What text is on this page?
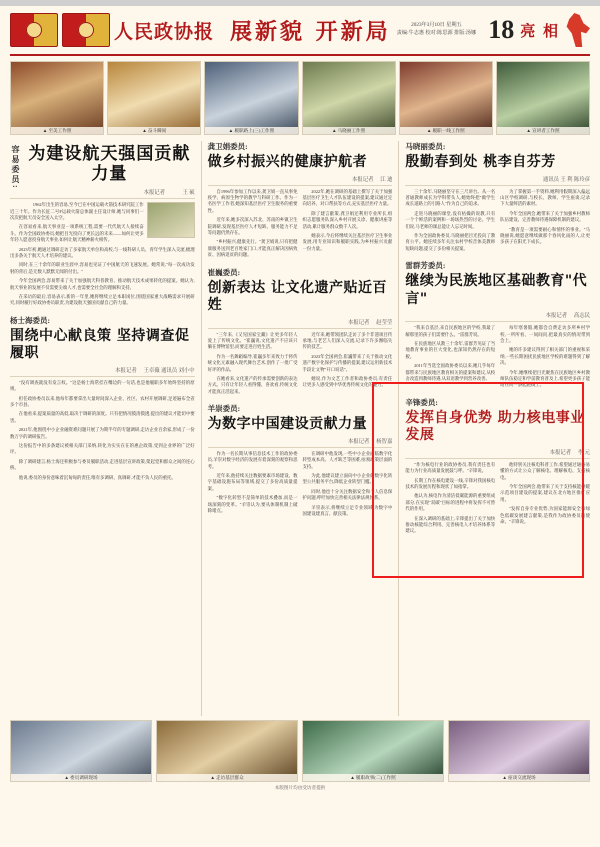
人民政协报 展新貌 开新局	2023年3月10日 星期五
责编:牛志惠 校对:陈思源 排版:汤娜 18 亮 相
▲ 至美工作照	▲ 奋斗瞬间	▲ 履职路上(三)工作照	▲ 马晓丽工作照	▲ 履职一线工作照	▲ 宣讲者工作照
容易委员: 为建设航天强国贡献力量
本报记者 　　　王 硕

1962年出生的容易,至今已在中国运载火箭技术研究院工作近三十年。作为长征二号F运载火箭总体副主任设计师,她与同事们一次次把航天员安全送入太空。

在容易看来,航天事业是一项系统工程,需要一代代航天人接续奋斗。作为全国政协委员,她把目光投向了更长远的未来——如何让更多年轻人愿意投身航天事业,如何让航天精神薪火相传。

2023年初,她通过调研走访了多家航天单位和高校,与一线科研人员、青年学生深入交流,梳理出多条关于航天人才培养的建议。

同时,在三十余年的职业生涯中,容易也见证了中国航天的飞速发展。她常说,"每一次成功发射的背后,是无数人默默无闻的付出。"

今年全国两会,容易带来了关于加强航天科普教育、推动航天技术成果转化的提案。她认为,航天事业的发展不仅需要尖端人才,也需要全社会的理解和支持。

在采访的最后,容易表示,新的一年里,她将继续立足本职岗位,围绕国家重大战略需求开展研究,同时履行好政协委员职责,为建设航天强国贡献自己的力量。

杨士海委员:
围绕中心献良策 坚持调查促履职
本报记者 　王卓薇 通讯员 刘小中

"没有调查就没有发言权。"这是杨士海常挂在嘴边的一句话,也是他履职多年始终坚持的原则。

担任政协委员以来,他每年都要拿出大量时间深入企业、社区、农村开展调研,足迹遍布全省多个市县。

在他看来,提案质量的高低,取决于调研的深度。只有把情况摸清摸透,提出的建议才能切中要害。

2021年,他围绕中小企业融资难问题开展了为期半年的专题调研,走访企业百余家,形成了一份数万字的调研报告。

这份报告中的多条建议被相关部门采纳,转化为实实在在的惠企政策,受到企业界的广泛好评。

除了调研建言,杨士海还积极参与委员履职活动,走进基层宣讲政策,架起党和群众之间的连心桥。

他说,委员的身份意味着沉甸甸的责任,唯有多调研、真调研,才能不负人民的重托。

龚卫娟委员:
做乡村振兴的健康护航者
本报记者 　江 迪

自1996年参加工作以来,龚卫娟一直从事免疫学、病原生物学的教学与科研工作。作为一名医学工作者,她深知基层医疗卫生服务的重要性。

近年来,她多次深入苏北、苏南的乡镇卫生院调研,发现基层医疗人才短缺、服务能力不足等问题仍然存在。

"乡村振兴,健康先行。"龚卫娟说,只有把健康服务送到老百姓家门口,才能真正解决因病致贫、因病返贫的问题。

2022年,她在调研的基础上撰写了关于加强基层医疗卫生人才队伍建设的提案,建议通过定向培养、对口帮扶等方式,充实基层医疗力量。

除了建言献策,龚卫娟还利用专业所长,组织志愿服务队深入乡村开展义诊、健康讲座等活动,累计服务群众数千人次。

她表示,今后将继续关注基层医疗卫生事业发展,用专业知识和履职实践,为乡村振兴贡献一份力量。

崔巍委员:
创新表达 让文化遗产贴近百姓
本报记者 　赵莹莹

"三年来,《又见国家宝藏》让更多年轻人爱上了传统文化。"崔巍说,文化遗产不应该只躺在博物馆里,而要走进百姓生活。

作为一名舞蹈编导,崔巍多年来致力于将传统文化元素融入现代舞台艺术,创作了一批广受好评的作品。

在她看来,文化遗产的传承需要创新的表达方式。只有让年轻人看得懂、喜欢看,传统文化才能真正活起来。

近年来,她带领团队走访了多个非遗项目传承地,与老艺人们深入交流,记录下许多濒临失传的技艺。

2023年全国两会,崔巍带来了关于推动文化遗产数字化保护与传播的提案,建议运用新技术手段让文物"开口说话"。

她说,作为文艺工作者和政协委员,有责任让更多人感受到中华优秀传统文化的魅力。

羊崇委员:
为数字中国建设贡献力量
本报记者 　杨智嘉

作为一名长期从事信息技术工作的政协委员,羊崇对数字经济的发展有着深刻的观察和思考。

近年来,他持续关注数据要素市场建设、数字基础设施布局等领域,提交了多份高质量提案。

"数字化转型不是简单的技术叠加,而是一场深刻的变革。"羊崇认为,要从体制机制上破除堵点。

在调研中他发现,一些中小企业面临数字化转型成本高、人才缺乏等困难,亟须政策层面的支持。

为此,他建议建立面向中小企业的数字化转型公共服务平台,降低企业转型门槛。

同时,他也十分关注数据安全和个人信息保护问题,呼吁加快完善相关法律法规体系。

羊崇表示,将继续立足专业领域,为数字中国建设建真言、献良策。

马晓丽委员:
殷勤春到处 桃李自芬芳
通讯员 王 利 陈玲彦

三十余年,马晓丽坚守在三尺讲台。从一名普通教师成长为学科带头人,她始终把"做学生成长道路上的引路人"作为自己的追求。

走进马晓丽的课堂,没有枯燥的说教,只有一个个鲜活的案例和一场场热烈的讨论。学生们说,马老师的课总能让人忘记时间。

作为全国政协委员,马晓丽把目光投向了教育公平。她连续多年关注农村学校音体美教师短缺问题,提交了多份相关提案。

为了掌握第一手资料,她利用假期深入偏远山区学校调研,与校长、教师、学生座谈,记录下大量鲜活的素材。

今年全国两会,她带来了关于加强乡村教师队伍建设、完善教师待遇保障机制的建议。

"教育是一项需要耐心和情怀的事业。"马晓丽说,她愿意继续做那个春风化雨的人,让更多孩子在阳光下成长。

雷群芳委员:
继续为民族地区基础教育"代言"
本报记者 　高志民

"我来自基层,来自民族地区的学校,我最了解那里的孩子们需要什么。"雷群芳说。

在民族地区从教三十余年,雷群芳见证了当地教育事业的巨大变化,也深知仍然存在的短板。

2011年当选全国政协委员以来,她几乎每年都带来与民族地区教育相关的提案和建议,从校舍改造到教师待遇,从双语教学到营养改善。

每年寒暑假,她都会自费走访多所乡村学校,一所所看、一间间问,把最真实的情况带到会上。

她的许多建议得到了相关部门的重视和采纳,一些长期困扰民族地区学校的难题得到了解决。

今年,她继续把目光聚焦在民族地区乡村教师队伍稳定和学前教育普及上,希望更多孩子能站在同一条起跑线上。

辛锋委员:
发挥自身优势 助力核电事业发展
本报记者 　李 元

"作为核电行业的政协委员,我有责任也有能力为行业高质量发展鼓与呼。"辛锋说。

长期工作在核电建设一线,辛锋对我国核电技术的发展历程和现状了如指掌。

他认为,核电作为清洁低碳能源的重要组成部分,在实现"双碳"目标的进程中将发挥不可替代的作用。

在深入调研的基础上,辛锋提出了关于加快推动核能综合利用、完善核电人才培养体系等建议。

他特别关注核电科普工作,希望通过通俗易懂的方式让公众了解核电、理解核电、支持核电。

今年全国两会,他带来了关于支持核能供暖示范项目建设的提案,建议在北方地区推广应用。

"发挥自身专业优势,为国家能源安全和绿色低碳发展建言献策,是我作为政协委员的使命。"辛锋说。

▲ 委员调研现场	▲ 走访基层群众	▲ 履职故事(二)工作照	▲ 座谈交流现场
本版图片均由受访者提供
